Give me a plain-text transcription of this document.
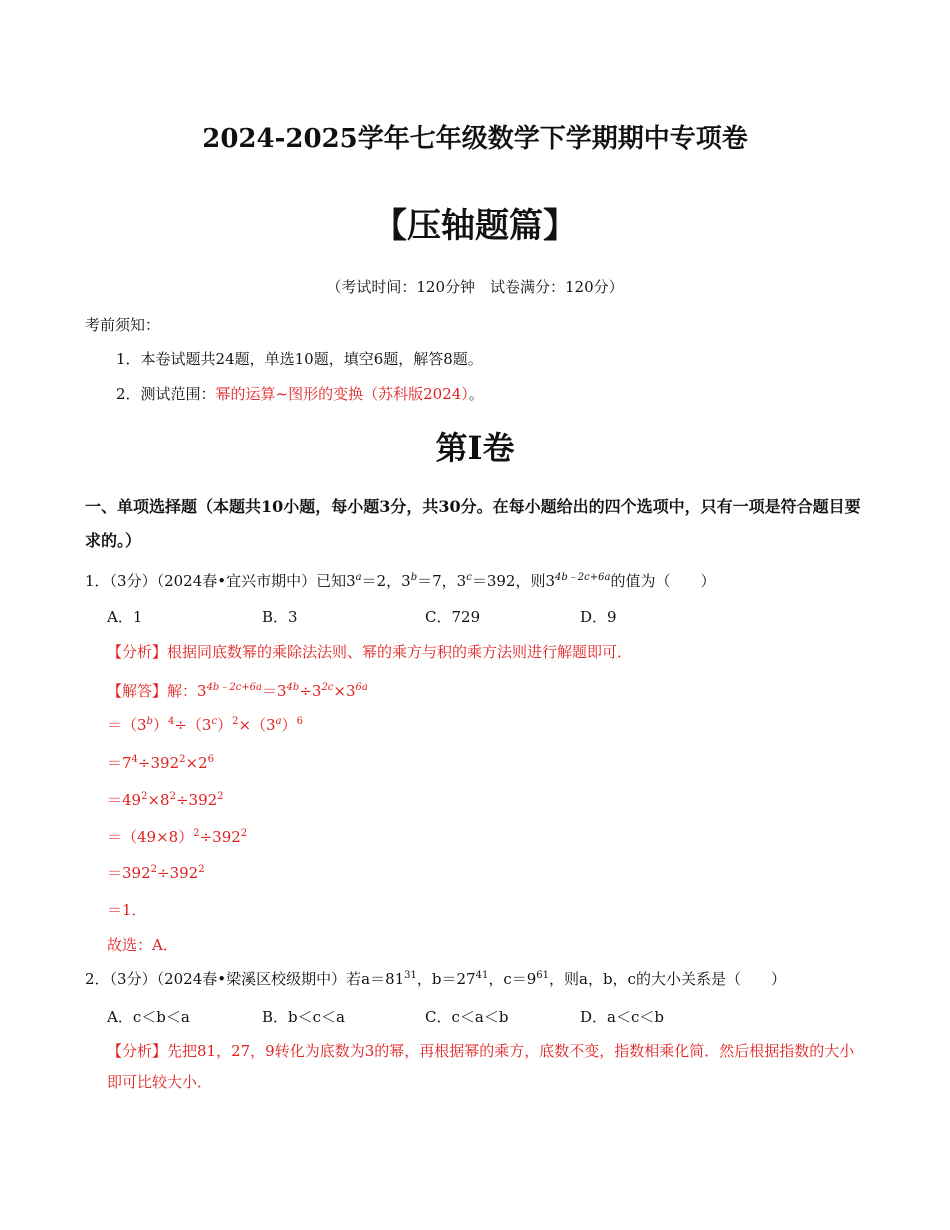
2024-2025学年七年级数学下学期期中专项卷
【压轴题篇】
（考试时间：120分钟　试卷满分：120分）
考前须知：
1．本卷试题共24题，单选10题，填空6题，解答8题。
2．测试范围：幂的运算~图形的变换（苏科版2024）。
第Ⅰ卷
一、单项选择题（本题共10小题，每小题3分，共30分。在每小题给出的四个选项中，只有一项是符合题目要求的。）
1．（3分）（2024春•宜兴市期中）已知$3^a=2$，$3^b=7$，$3^c=392$，则$3^{4b﹣2c+6a}$的值为（　　）
A．1	B．3	C．729	D．9
【分析】根据同底数幂的乘除法法则、幂的乘方与积的乘方法则进行解题即可．
【解答】解：$3^{4b﹣2c+6a}=3^{4b}\div 3^{2c}\times 3^{6a}$
$=(3^b)^4\div(3^c)^2\times(3^a)^6$
$=7^4\div 392^2\times 2^6$
$=49^2\times 8^2\div 392^2$
$=(49\times 8)^2\div 392^2$
$=392^2\div 392^2$
＝1．
故选：A．
2．（3分）（2024春•梁溪区校级期中）若$a=81^{31}$，$b=27^{41}$，$c=9^{61}$，则a，b，c的大小关系是（　　）
A．c＜b＜a	B．b＜c＜a	C．c＜a＜b	D．a＜c＜b
【分析】先把81，27，9转化为底数为3的幂，再根据幂的乘方，底数不变，指数相乘化简．然后根据指数的大小即可比较大小．
